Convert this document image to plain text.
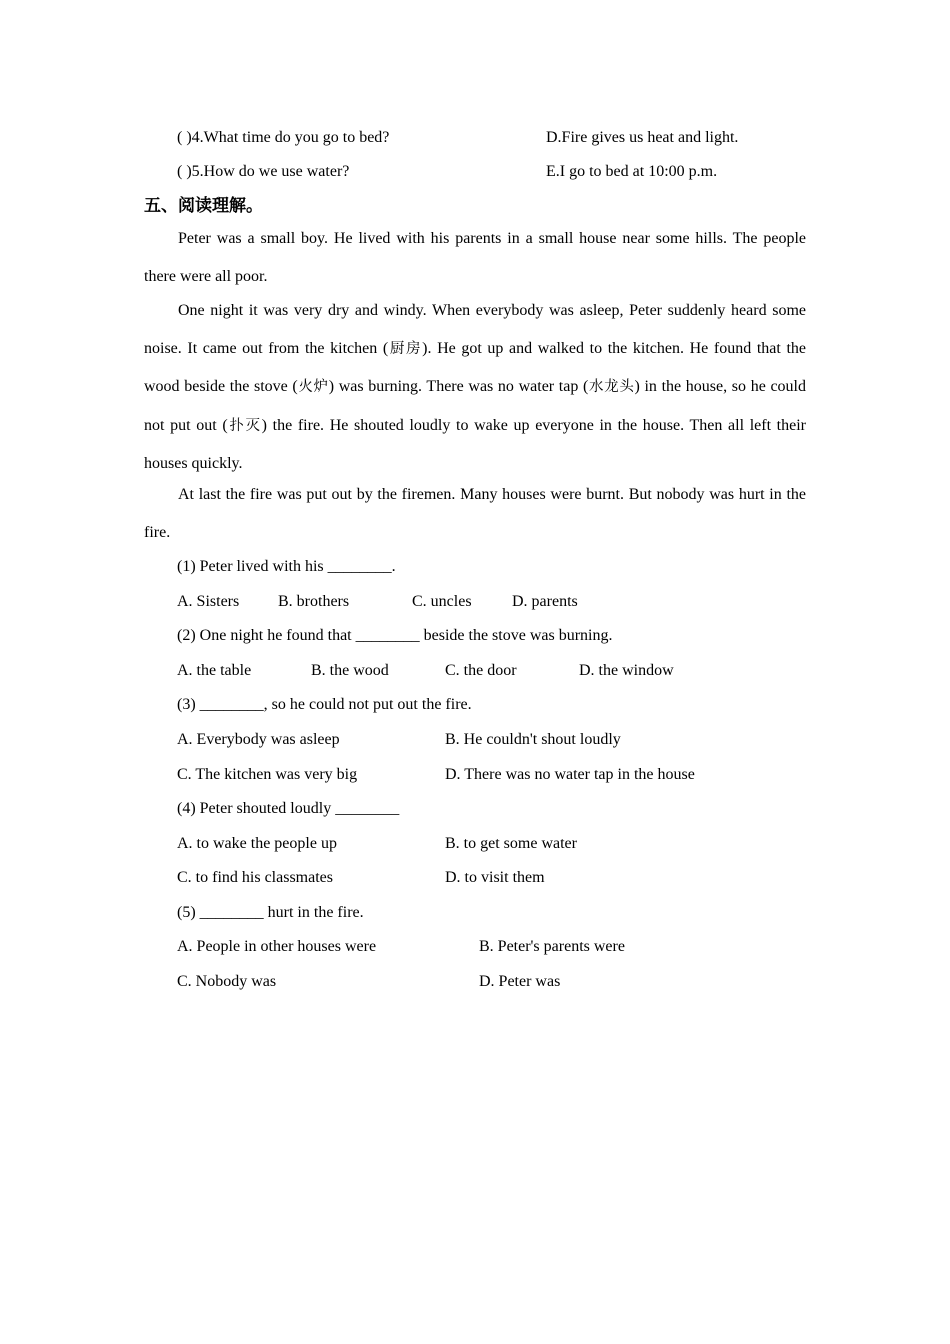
( )4.What time do you go to bed?	D.Fire gives us heat and light.
( )5.How do we use water?	E.I go to bed at 10:00 p.m.
五、阅读理解。
Peter was a small boy. He lived with his parents in a small house near some hills. The people there were all poor.
One night it was very dry and windy. When everybody was asleep, Peter suddenly heard some noise. It came out from the kitchen (厨房). He got up and walked to the kitchen. He found that the wood beside the stove (火炉) was burning. There was no water tap (水龙头) in the house, so he could not put out (扑灭) the fire. He shouted loudly to wake up everyone in the house. Then all left their houses quickly.
At last the fire was put out by the firemen. Many houses were burnt. But nobody was hurt in the fire.
(1) Peter lived with his ________.
A. Sisters B. brothers	C. uncles	D. parents
(2) One night he found that ________ beside the stove was burning.
A. the table	B. the wood	C. the door	D. the window
(3) ________, so he could not put out the fire.
A. Everybody was asleep	B. He couldn't shout loudly
C. The kitchen was very big	D. There was no water tap in the house
(4) Peter shouted loudly ________
A. to wake the people up	B. to get some water
C. to find his classmates	D. to visit them
(5) ________ hurt in the fire.
A. People in other houses were	B. Peter's parents were
C. Nobody was	D. Peter was
